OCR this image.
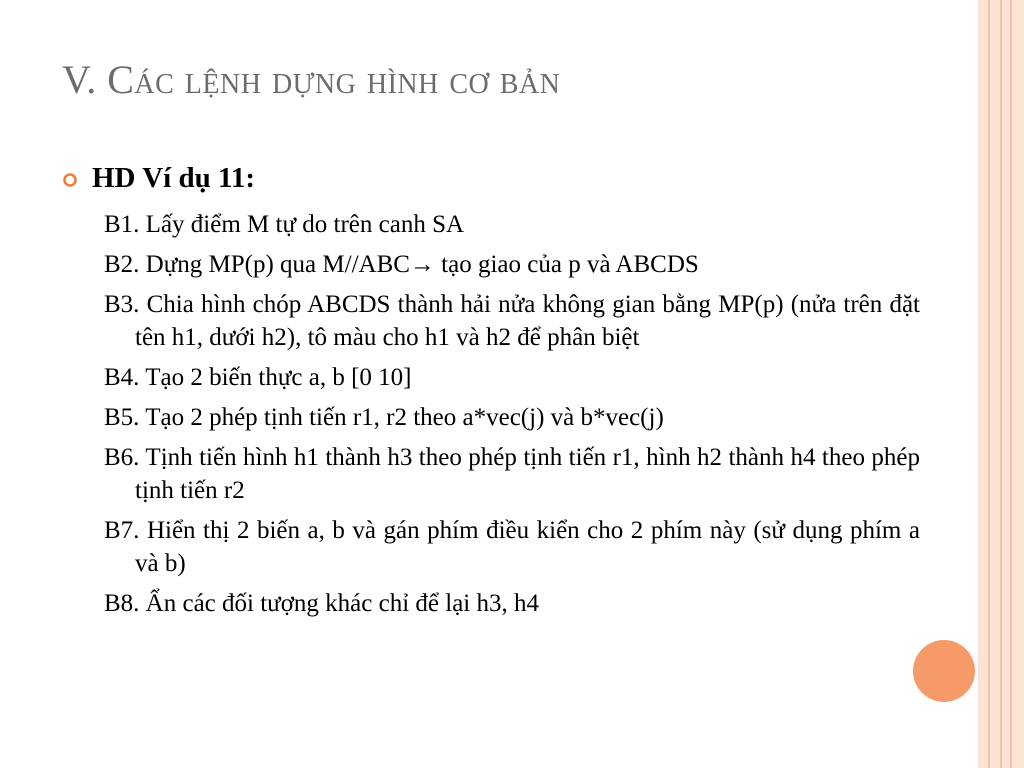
V. Các lệnh dựng hình cơ bản
HD Ví dụ 11:

B1. Lấy điểm M tự do trên canh SA

B2. Dựng MP(p) qua M//ABC→ tạo giao của p và ABCDS

B3. Chia hình chóp ABCDS thành hải nửa không gian bằng MP(p) (nửa trên đặt tên h1, dưới h2), tô màu cho h1 và h2 để phân biệt

B4. Tạo 2 biến thực a, b [0 10]

B5. Tạo 2 phép tịnh tiến r1, r2 theo a*vec(j) và b*vec(j)

B6. Tịnh tiến hình h1 thành h3 theo phép tịnh tiến r1, hình h2 thành h4 theo phép tịnh tiến r2

B7. Hiển thị 2 biến a, b và gán phím điều kiển cho 2 phím này (sử dụng phím a và b)

B8. Ẩn các đối tượng khác chỉ để lại h3, h4
